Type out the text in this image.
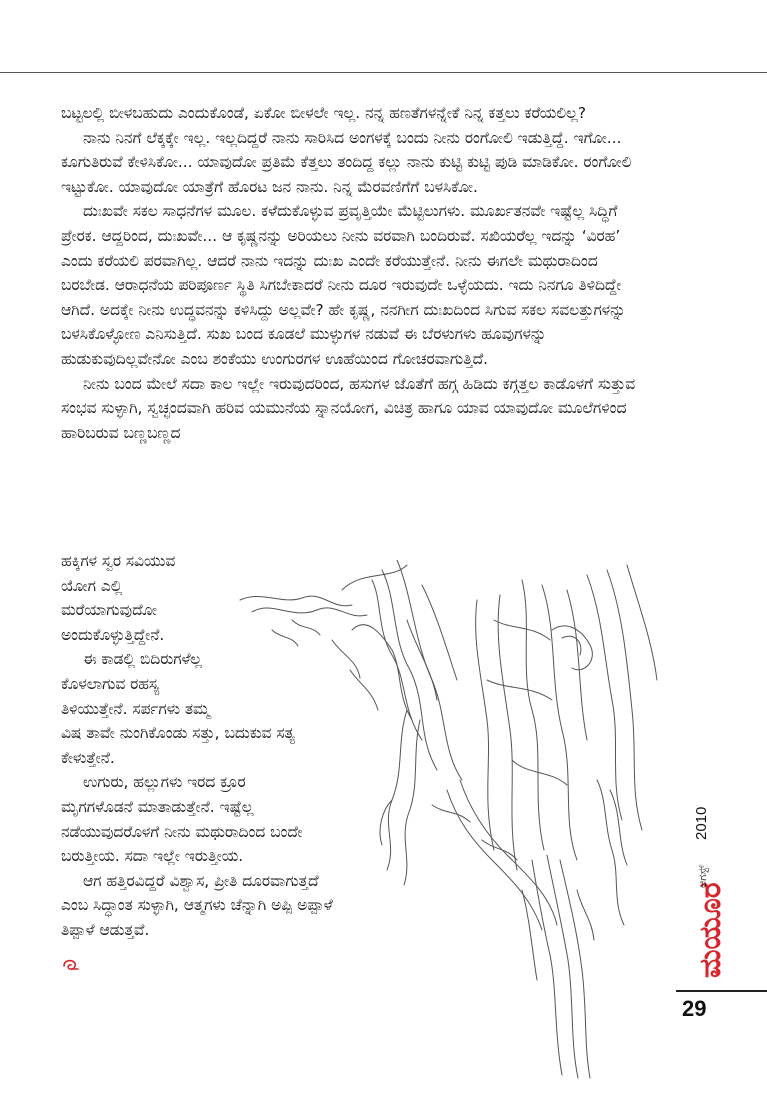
ಬಟ್ಟಲಲ್ಲಿ ಬೀಳಬಹುದು ಎಂದುಕೊಂಡೆ, ಏಕೋ ಬೀಳಲೇ ಇಲ್ಲ. ನನ್ನ ಹಣತೆಗಳನ್ನೇಕೆ ನಿನ್ನ ಕತ್ತಲು ಕರೆಯಲಿಲ್ಲ?

ನಾನು ನಿನಗೆ ಲೆಕ್ಕಕ್ಕೇ ಇಲ್ಲ. ಇಲ್ಲದಿದ್ದರೆ ನಾನು ಸಾರಿಸಿದ ಅಂಗಳಕ್ಕೆ ಬಂದು ನೀನು ರಂಗೋಲಿ ಇಡುತ್ತಿದ್ದೆ. ಇಗೋ... ಕೂಗುತಿರುವೆ ಕೇಳಿಸಿಕೋ... ಯಾವುದೋ ಪ್ರತಿಮೆ ಕೆತ್ತಲು ತಂದಿದ್ದ ಕಲ್ಲು ನಾನು ಕುಟ್ಟಿ ಕುಟ್ಟಿ ಪುಡಿ ಮಾಡಿಕೋ. ರಂಗೋಲಿ ಇಟ್ಟುಕೋ. ಯಾವುದೋ ಯಾತ್ರೆಗೆ ಹೊರಟ ಜನ ನಾನು. ನಿನ್ನ ಮೆರವಣಿಗೆಗೆ ಬಳಸಿಕೋ.

ದುಃಖವೇ ಸಕಲ ಸಾಧನೆಗಳ ಮೂಲ. ಕಳೆದುಕೊಳ್ಳುವ ಪ್ರವೃತ್ತಿಯೇ ಮೆಟ್ಟಿಲುಗಳು. ಮೂರ್ಖತನವೇ ಇಷ್ಟೆಲ್ಲ ಸಿದ್ಧಿಗೆ ಪ್ರೇರಕ. ಆದ್ದರಿಂದ, ದುಃಖವೇ... ಆ ಕೃಷ್ಣನನ್ನು ಅರಿಯಲು ನೀನು ವರವಾಗಿ ಬಂದಿರುವೆ. ಸಖಿಯರೆಲ್ಲ ಇದನ್ನು ‘ವಿರಹ’ ಎಂದು ಕರೆಯಲಿ ಪರವಾಗಿಲ್ಲ. ಆದರೆ ನಾನು ಇದನ್ನು ದುಃಖ ಎಂದೇ ಕರೆಯುತ್ತೇನೆ. ನೀನು ಈಗಲೇ ಮಥುರಾದಿಂದ ಬರಬೇಡ. ಆರಾಧನೆಯ ಪರಿಪೂರ್ಣ ಸ್ಥಿತಿ ಸಿಗಬೇಕಾದರೆ ನೀನು ದೂರ ಇರುವುದೇ ಒಳ್ಳೆಯದು. ಇದು ನಿನಗೂ ತಿಳಿದಿದ್ದೇ ಆಗಿದೆ. ಅದಕ್ಕೇ ನೀನು ಉದ್ಧವನನ್ನು ಕಳಿಸಿದ್ದು ಅಲ್ಲವೇ? ಹೇ ಕೃಷ್ಣ, ನನಗೀಗ ದುಃಖದಿಂದ ಸಿಗುವ ಸಕಲ ಸವಲತ್ತುಗಳನ್ನು ಬಳಸಿಕೊಳ್ಳೋಣ ಎನಿಸುತ್ತಿದೆ. ಸುಖ ಬಂದ ಕೂಡಲೆ ಮುಳ್ಳುಗಳ ನಡುವೆ ಈ ಬೆರಳುಗಳು ಹೂವುಗಳನ್ನು ಹುಡುಕುವುದಿಲ್ಲವೇನೋ ಎಂಬ ಶಂಕೆಯು ಉಂಗುರಗಳ ಊಹೆಯಿಂದ ಗೋಚರವಾಗುತ್ತಿದೆ.

ನೀನು ಬಂದ ಮೇಲೆ ಸದಾ ಕಾಲ ಇಲ್ಲೇ ಇರುವುದರಿಂದ, ಹಸುಗಳ ಜೊತೆಗೆ ಹಗ್ಗ ಹಿಡಿದು ಕಗ್ಗತ್ತಲ ಕಾಡೊಳಗೆ ಸುತ್ತುವ ಸಂಭವ ಸುಳ್ಳಾಗಿ, ಸ್ವಚ್ಛಂದವಾಗಿ ಹರಿವ ಯಮುನೆಯ ಸ್ನಾನಯೋಗ, ವಿಚಿತ್ರ ಹಾಗೂ ಯಾವ ಯಾವುದೋ ಮೂಲೆಗಳಿಂದ ಹಾರಿಬರುವ ಬಣ್ಣಬಣ್ಣದ

ಹಕ್ಕಿಗಳ ಸ್ವರ ಸವಿಯುವ
ಯೋಗ ಎಲ್ಲಿ
ಮರೆಯಾಗುವುದೋ
ಅಂದುಕೊಳ್ಳುತ್ತಿದ್ದೇನೆ.
ಈ ಕಾಡಲ್ಲಿ ಬಿದಿರುಗಳೆಲ್ಲ
ಕೊಳಲಾಗುವ ರಹಸ್ಯ
ತಿಳಿಯುತ್ತೇನೆ. ಸರ್ಪಗಳು ತಮ್ಮ
ವಿಷ ತಾವೇ ನುಂಗಿಕೊಂಡು ಸತ್ತು, ಬದುಕುವ ಸತ್ಯ
ಕೇಳುತ್ತೇನೆ.
ಉಗುರು, ಹಲ್ಲುಗಳು ಇರದ ಕ್ರೂರ
ಮೃಗಗಳೊಡನೆ ಮಾತಾಡುತ್ತೇನೆ. ಇಷ್ಟೆಲ್ಲ
ನಡೆಯುವುದರೊಳಗೆ ನೀನು ಮಥುರಾದಿಂದ ಬಂದೇ
ಬರುತ್ತೀಯ. ಸದಾ ಇಲ್ಲೇ ಇರುತ್ತೀಯ.
ಆಗ ಹತ್ತಿರವಿದ್ದರೆ ವಿಶ್ವಾಸ, ಪ್ರೀತಿ ದೂರವಾಗುತ್ತದೆ
ಎಂಬ ಸಿದ್ಧಾಂತ ಸುಳ್ಳಾಗಿ, ಆತ್ಮಗಳು ಚೆನ್ನಾಗಿ ಅಪ್ಪಿ ಅಪ್ಪಾಳೆ
ತಿಪ್ಪಾಳೆ ಆಡುತ್ತವೆ.	ಮಯೂರ
ಆಗಸ್ಟ್
2010
29
